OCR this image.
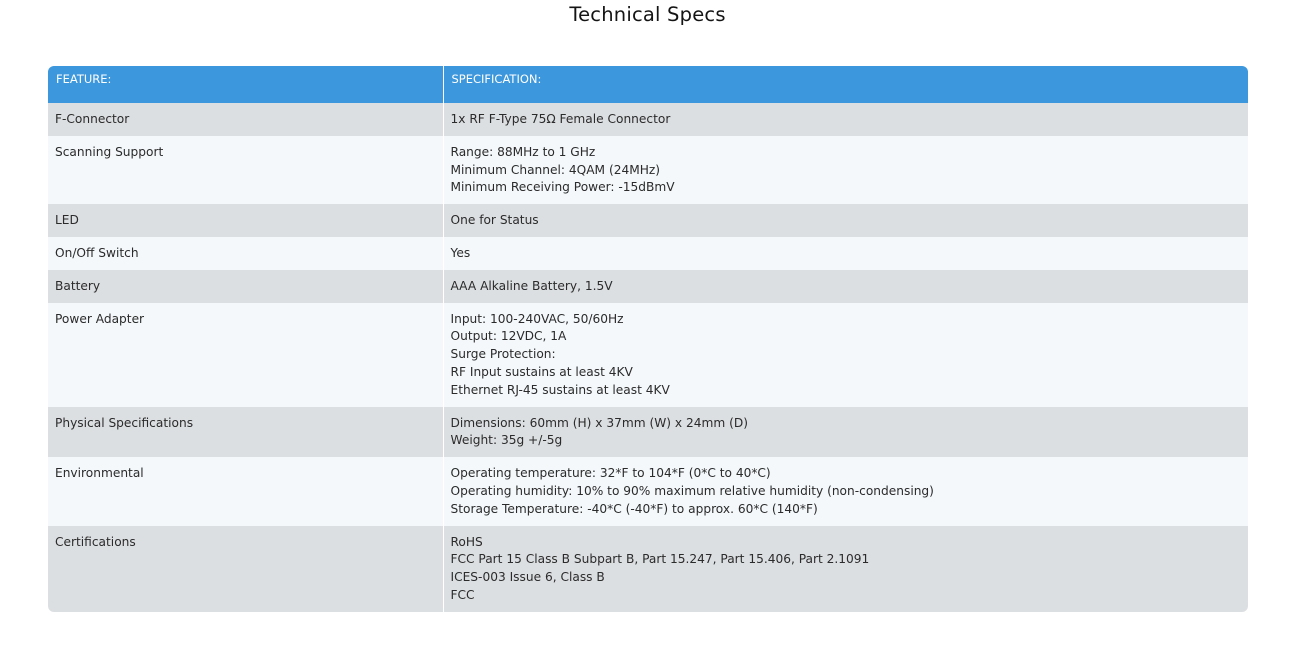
Technical Specs
FEATURE:	SPECIFICATION:
F-Connector	1x RF F-Type 75Ω Female Connector

Scanning Support	Range: 88MHz to 1 GHz
Minimum Channel: 4QAM (24MHz)
Minimum Receiving Power: -15dBmV

LED	One for Status

On/Off Switch	Yes

Battery	AAA Alkaline Battery, 1.5V

Power Adapter	Input: 100-240VAC, 50/60Hz
Output: 12VDC, 1A
Surge Protection:
RF Input sustains at least 4KV
Ethernet RJ-45 sustains at least 4KV

Physical Specifications	Dimensions: 60mm (H) x 37mm (W) x 24mm (D)
Weight: 35g +/-5g

Environmental	Operating temperature: 32*F to 104*F (0*C to 40*C)
Operating humidity: 10% to 90% maximum relative humidity (non-condensing)
Storage Temperature: -40*C (-40*F) to approx. 60*C (140*F)

Certifications	RoHS
FCC Part 15 Class B Subpart B, Part 15.247, Part 15.406, Part 2.1091
ICES-003 Issue 6, Class B
FCC
